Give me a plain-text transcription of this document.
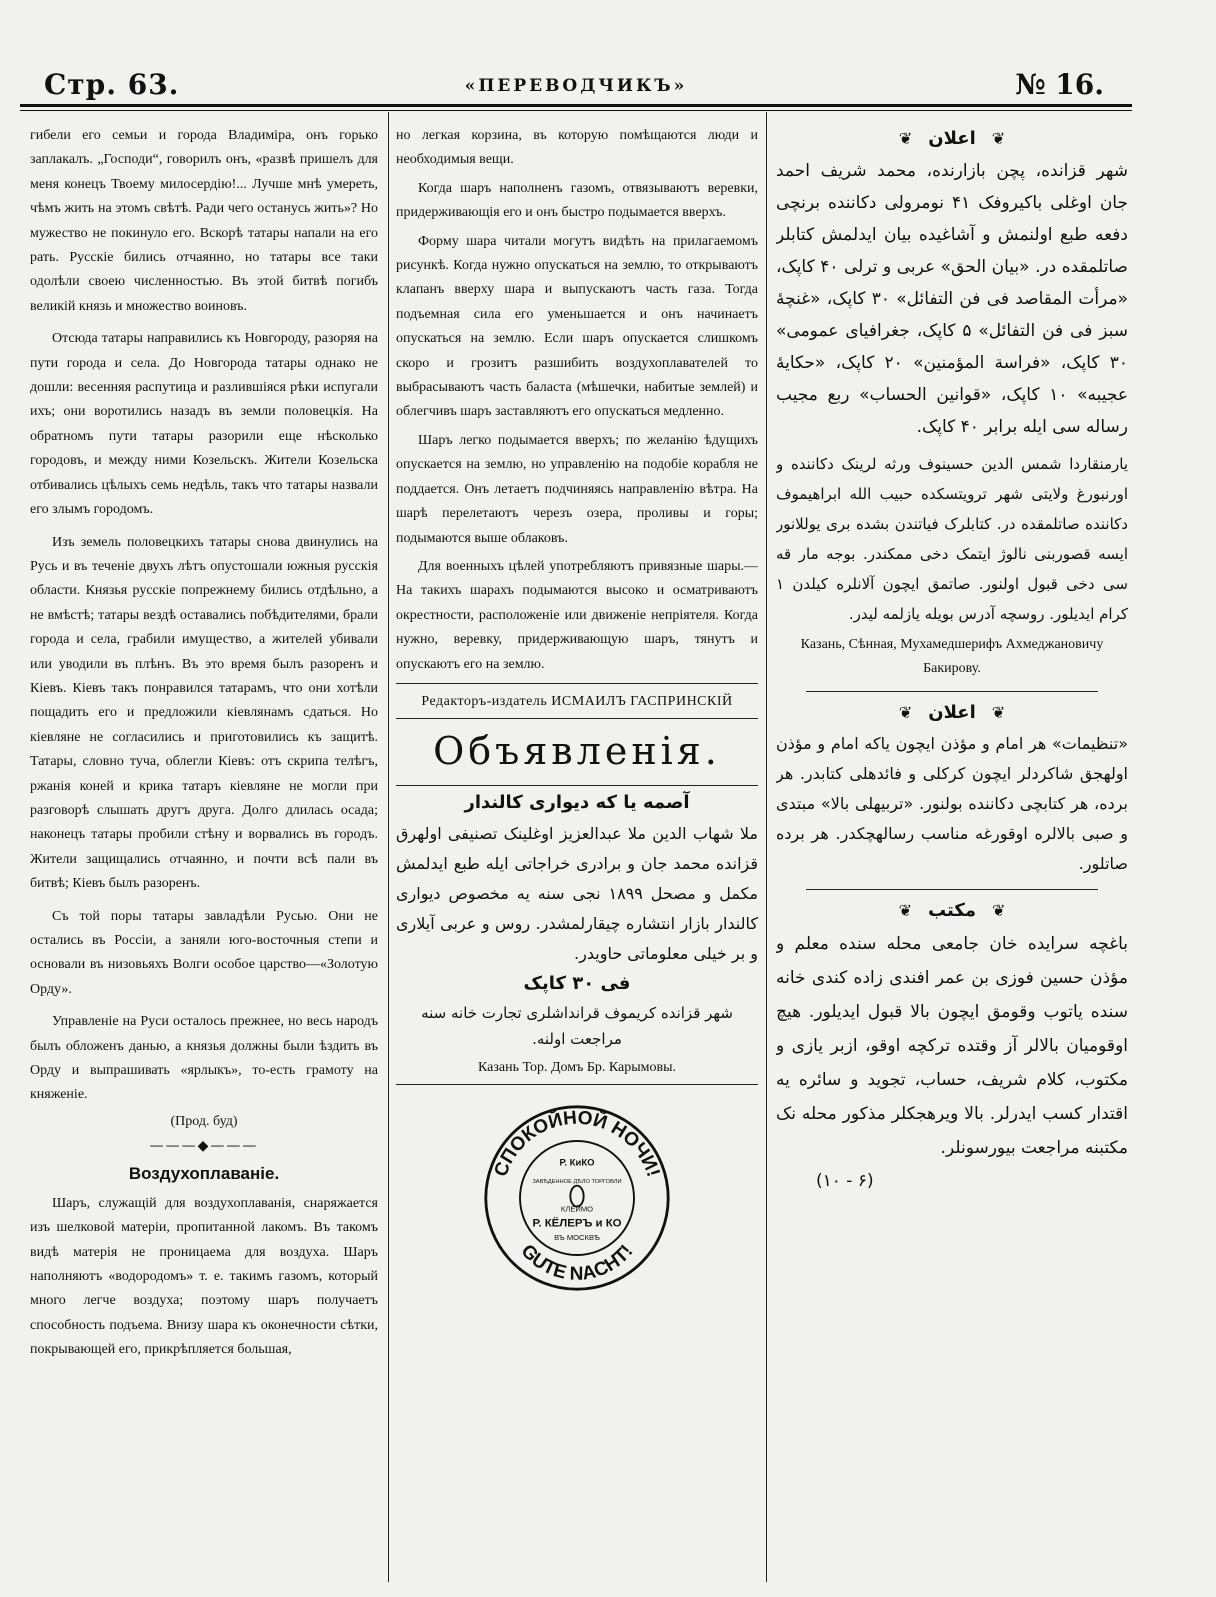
Стр. 63.	«ПЕРЕВОДЧИКЪ»	№ 16.

гибели его семьи и города Владиміра, онъ горько заплакалъ. „Господи“, говорилъ онъ, «развѣ пришелъ для меня конецъ Твоему милосердію!... Лучше мнѣ умереть, чѣмъ жить на этомъ свѣтѣ. Ради чего останусь жить»? Но мужество не покинуло его. Вскорѣ татары напали на его рать. Русскіе бились отчаянно, но татары все таки одолѣли своею численностью. Въ этой битвѣ погибъ великій князь и множество воиновъ.

Отсюда татары направились къ Новгороду, разоряя на пути города и села. До Новгорода татары однако не дошли: весенняя распутица и разлившіяся рѣки испугали ихъ; они воротились назадъ въ земли половецкія. На обратномъ пути татары разорили еще нѣсколько городовъ, и между ними Козельскъ. Жители Козельска отбивались цѣлыхъ семь недѣль, такъ что татары назвали его злымъ городомъ.

Изъ земель половецкихъ татары снова двинулись на Русь и въ теченіе двухъ лѣтъ опустошали южныя русскія области. Князья русскіе попрежнему бились отдѣльно, а не вмѣстѣ; татары вездѣ оставались побѣдителями, брали города и села, грабили имущество, а жителей убивали или уводили въ плѣнъ. Въ это время былъ разоренъ и Кіевъ. Кіевъ такъ понравился татарамъ, что они хотѣли пощадить его и предложили кіевлянамъ сдаться. Но кіевляне не согласились и приготовились къ защитѣ. Татары, словно туча, облегли Кіевъ: отъ скрипа телѣгъ, ржанія коней и крика татаръ кіевляне не могли при разговорѣ слышать другъ друга. Долго длилась осада; наконецъ татары пробили стѣну и ворвались въ городъ. Жители защищались отчаянно, и почти всѣ пали въ битвѣ; Кіевъ былъ разоренъ.

Съ той поры татары завладѣли Русью. Они не остались въ Россіи, а заняли юго-восточныя степи и основали въ низовьяхъ Волги особое царство—«Золотую Орду».

Управленіе на Руси осталось прежнее, но весь народъ былъ обложенъ данью, а князья должны были ѣздить въ Орду и выпрашивать «ярлыкъ», то-есть грамоту на княженіе.

(Прод. буд)
———◆———
Воздухоплаваніе.

Шаръ, служащій для воздухоплаванія, снаряжается изъ шелковой матеріи, пропитанной лакомъ. Въ такомъ видѣ матерія не проницаема для воздуха. Шаръ наполняютъ «водородомъ» т. е. такимъ газомъ, который много легче воздуха; поэтому шаръ получаетъ способность подъема. Внизу шара къ оконечности сѣтки, покрывающей его, прикрѣпляется большая,

но легкая корзина, въ которую помѣщаются люди и необходимыя вещи.

Когда шаръ наполненъ газомъ, отвязываютъ веревки, придерживающія его и онъ быстро подымается вверхъ.

Форму шара читали могутъ видѣть на прилагаемомъ рисункѣ. Когда нужно опускаться на землю, то открываютъ клапанъ вверху шара и выпускаютъ часть газа. Тогда подъемная сила его уменьшается и онъ начинаетъ опускаться на землю. Если шаръ опускается слишкомъ скоро и грозитъ разшибить воздухоплавателей то выбрасываютъ часть баласта (мѣшечки, набитые землей) и облегчивъ шаръ заставляютъ его опускаться медленно.

Шаръ легко подымается вверхъ; по желанію ѣдущихъ опускается на землю, но управленію на подобіе корабля не поддается. Онъ летаетъ подчиняясь направленію вѣтра. На шарѣ перелетаютъ черезъ озера, проливы и горы; подымаются выше облаковъ.

Для военныхъ цѣлей употребляютъ привязные шары.—На такихъ шарахъ подымаются высоко и осматриваютъ окрестности, расположеніе или движеніе непріятеля. Когда нужно, веревку, придерживающую шаръ, тянутъ и опускаютъ его на землю.

Редакторъ-издатель ИСМАИЛЪ ГАСПРИНСКІЙ
Объявленія.
آصمه یا که دیواری کالندار

ملا شهاب الدین ملا عبدالعزیز اوغلینک تصنیفی اولهرق قزانده محمد جان و برادری خراجاتی ایله طبع ایدلمش مکمل و مصحل ۱۸۹۹ نجی سنه یه مخصوص دیواری کالندار بازار انتشاره چیقارلمشدر. روس و عربی آیلاری و بر خیلی معلوماتی حاویدر.

فی ۳۰ کاپک

شهر قزانده کریموف قرانداشلری تجارت خانه سنه مراجعت اولنه.

Казань Тор. Домъ Бр. Карымовы.
СПОКОЙНОЙ НОЧИ!
GUTE NACHT!
Р. КиКО
ЗАВѢДЕННОЕ ДѢЛО ТОРГОВЛИ
КЛЕЙМО
Р. КЁЛЕРЪ и КО
ВЪ МОСКВѢ
❦اعلان❦

شهر قزانده، پچن بازارنده، محمد شریف احمد جان اوغلی باکیروفک ۴۱ نومرولی دکاننده برنچی دفعه طبع اولنمش و آشاغیده بیان ایدلمش کتابلر صاتلمقده در. «بیان الحق» عربی و ترلی ۴۰ کاپک، «مرأت المقاصد فی فن التفائل» ۳۰ کاپک، «غنچهٔ سبز فی فن التفائل» ۵ کاپک، جغرافیای عمومی» ۳۰ کاپک، «فراسة المؤمنین» ۲۰ کاپک، «حکایهٔ عجیبه» ۱۰ کاپک، «قوانین الحساب» ربع مجیب رساله سی ایله برابر ۴۰ کاپک.

یارمنقاردا شمس الدین حسینوف ورثه لرینک دکاننده و اورنبورغ ولایتی شهر ترویتسکده حبیب الله ابراهیموف دکاننده صاتلمقده در. کتابلرک فیاتندن بشده بری یوللانور ایسه قصوربنی نالوژ ایتمک دخی ممکندر. بوجه مار قه سی دخی قبول اولنور. صاتمق ایچون آلانلره کیلدن ۱ کرام ایدیلور. روسچه آدرس بویله یازلمه لیدر.

Казань, Сѣнная, Мухамедшерифъ Ахмеджановичу Бакирову.
❦اعلان❦

«تنظیمات» هر امام و مؤذن ایچون یاکه امام و مؤذن اولهجق شاکردلر ایچون کرکلی و فائدهلی کتابدر. هر برده، هر کتابچی دکاننده بولنور. «تربیهلی بالا» مبتدی و صبی بالالره اوقورغه مناسب رسالهچکدر. هر برده صاتلور.

❦مکتب❦

باغچه سرایده خان جامعی محله سنده معلم و مؤذن حسین فوزی بن عمر افندی زاده کندی خانه سنده یاتوب وقومق ایچون بالا قبول ایدیلور. هیچ اوقومیان بالالر آز وقتده ترکچه اوقو، ازبر یازی و مکتوب، کلام شریف، حساب، تجوید و سائره یه اقتدار کسب ایدرلر. بالا ویرهجکلر مذکور محله نک مکتبنه مراجعت بیورسونلر.

(۱۰ - ۶)
